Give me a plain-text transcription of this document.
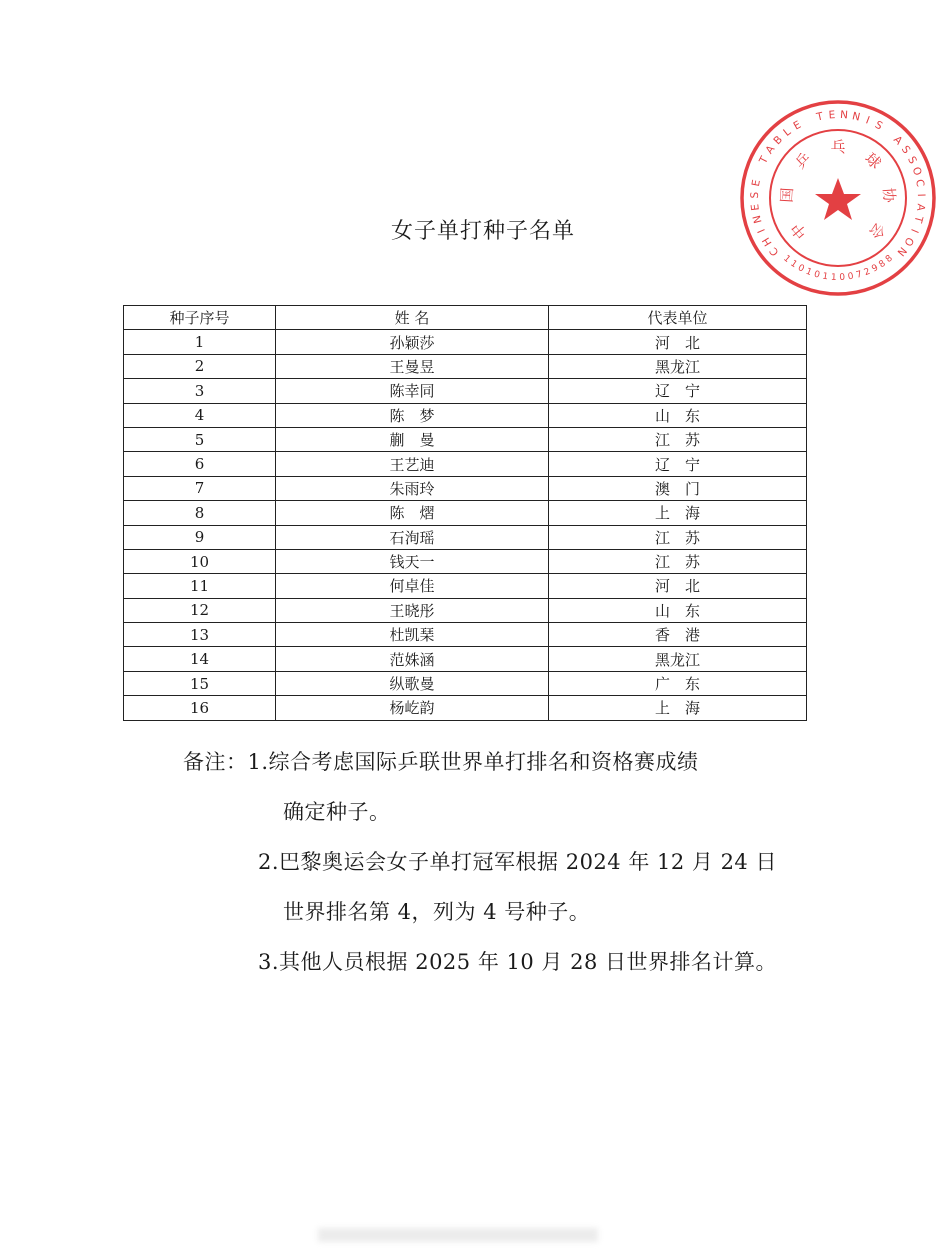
女子单打种子名单
种子序号	姓 名	代表单位
1	孙颖莎	河　北
2	王曼昱	黑龙江
3	陈幸同	辽　宁
4	陈　梦	山　东
5	蒯　曼	江　苏
6	王艺迪	辽　宁
7	朱雨玲	澳　门
8	陈　熠	上　海
9	石洵瑶	江　苏
10	钱天一	江　苏
11	何卓佳	河　北
12	王晓彤	山　东
13	杜凯琹	香　港
14	范姝涵	黑龙江
15	纵歌曼	广　东
16	杨屹韵	上　海
备注：1.综合考虑国际乒联世界单打排名和资格赛成绩
确定种子。
2.巴黎奥运会女子单打冠军根据 2024 年 12 月 24 日
世界排名第 4，列为 4 号种子。
3.其他人员根据 2025 年 10 月 28 日世界排名计算。
C
H
I
N
E
S
E
T
A
B
L
E
T E N N I S
A
S
S
O
C
I
A
T
I
O
N
中
国
乒
乓
球
协
会
1
1
0
1 0 1 1 0 0 7 2
9
8
8
